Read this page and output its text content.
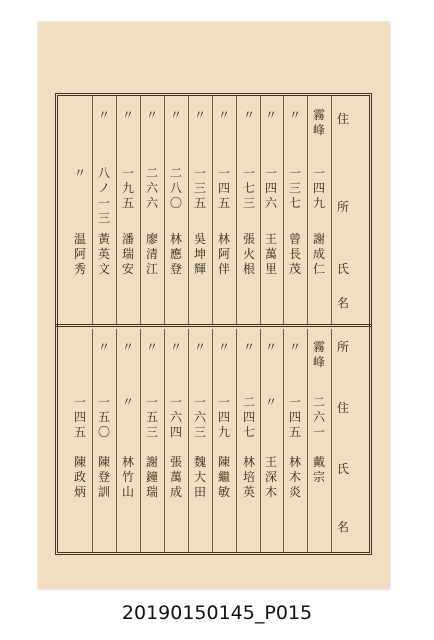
住
所
氏
名
霧峰
一四九
謝成仁
〃
一三七
曾長茂
〃
一四六
王萬里
〃
一七三
張火根
〃
一四五
林阿伴
〃
一三五
吳坤輝
〃
二八〇
林應登
〃
二六六
廖清江
〃
一九五
潘瑞安
〃
八ノ一三
黃英文
〃
温阿秀
所
住
氏
名
霧峰
二六一
戴宗
〃
一四五
林木炎
〃
〃
王深木
〃
二四七
林培英
〃
一四九
陳繼敏
〃
一六三
魏大田
〃
一六四
張萬成
〃
一五三
謝鐘瑞
〃
〃
林竹山
〃
一五〇
陳登訓
一四五
陳政炳
20190150145_P015
